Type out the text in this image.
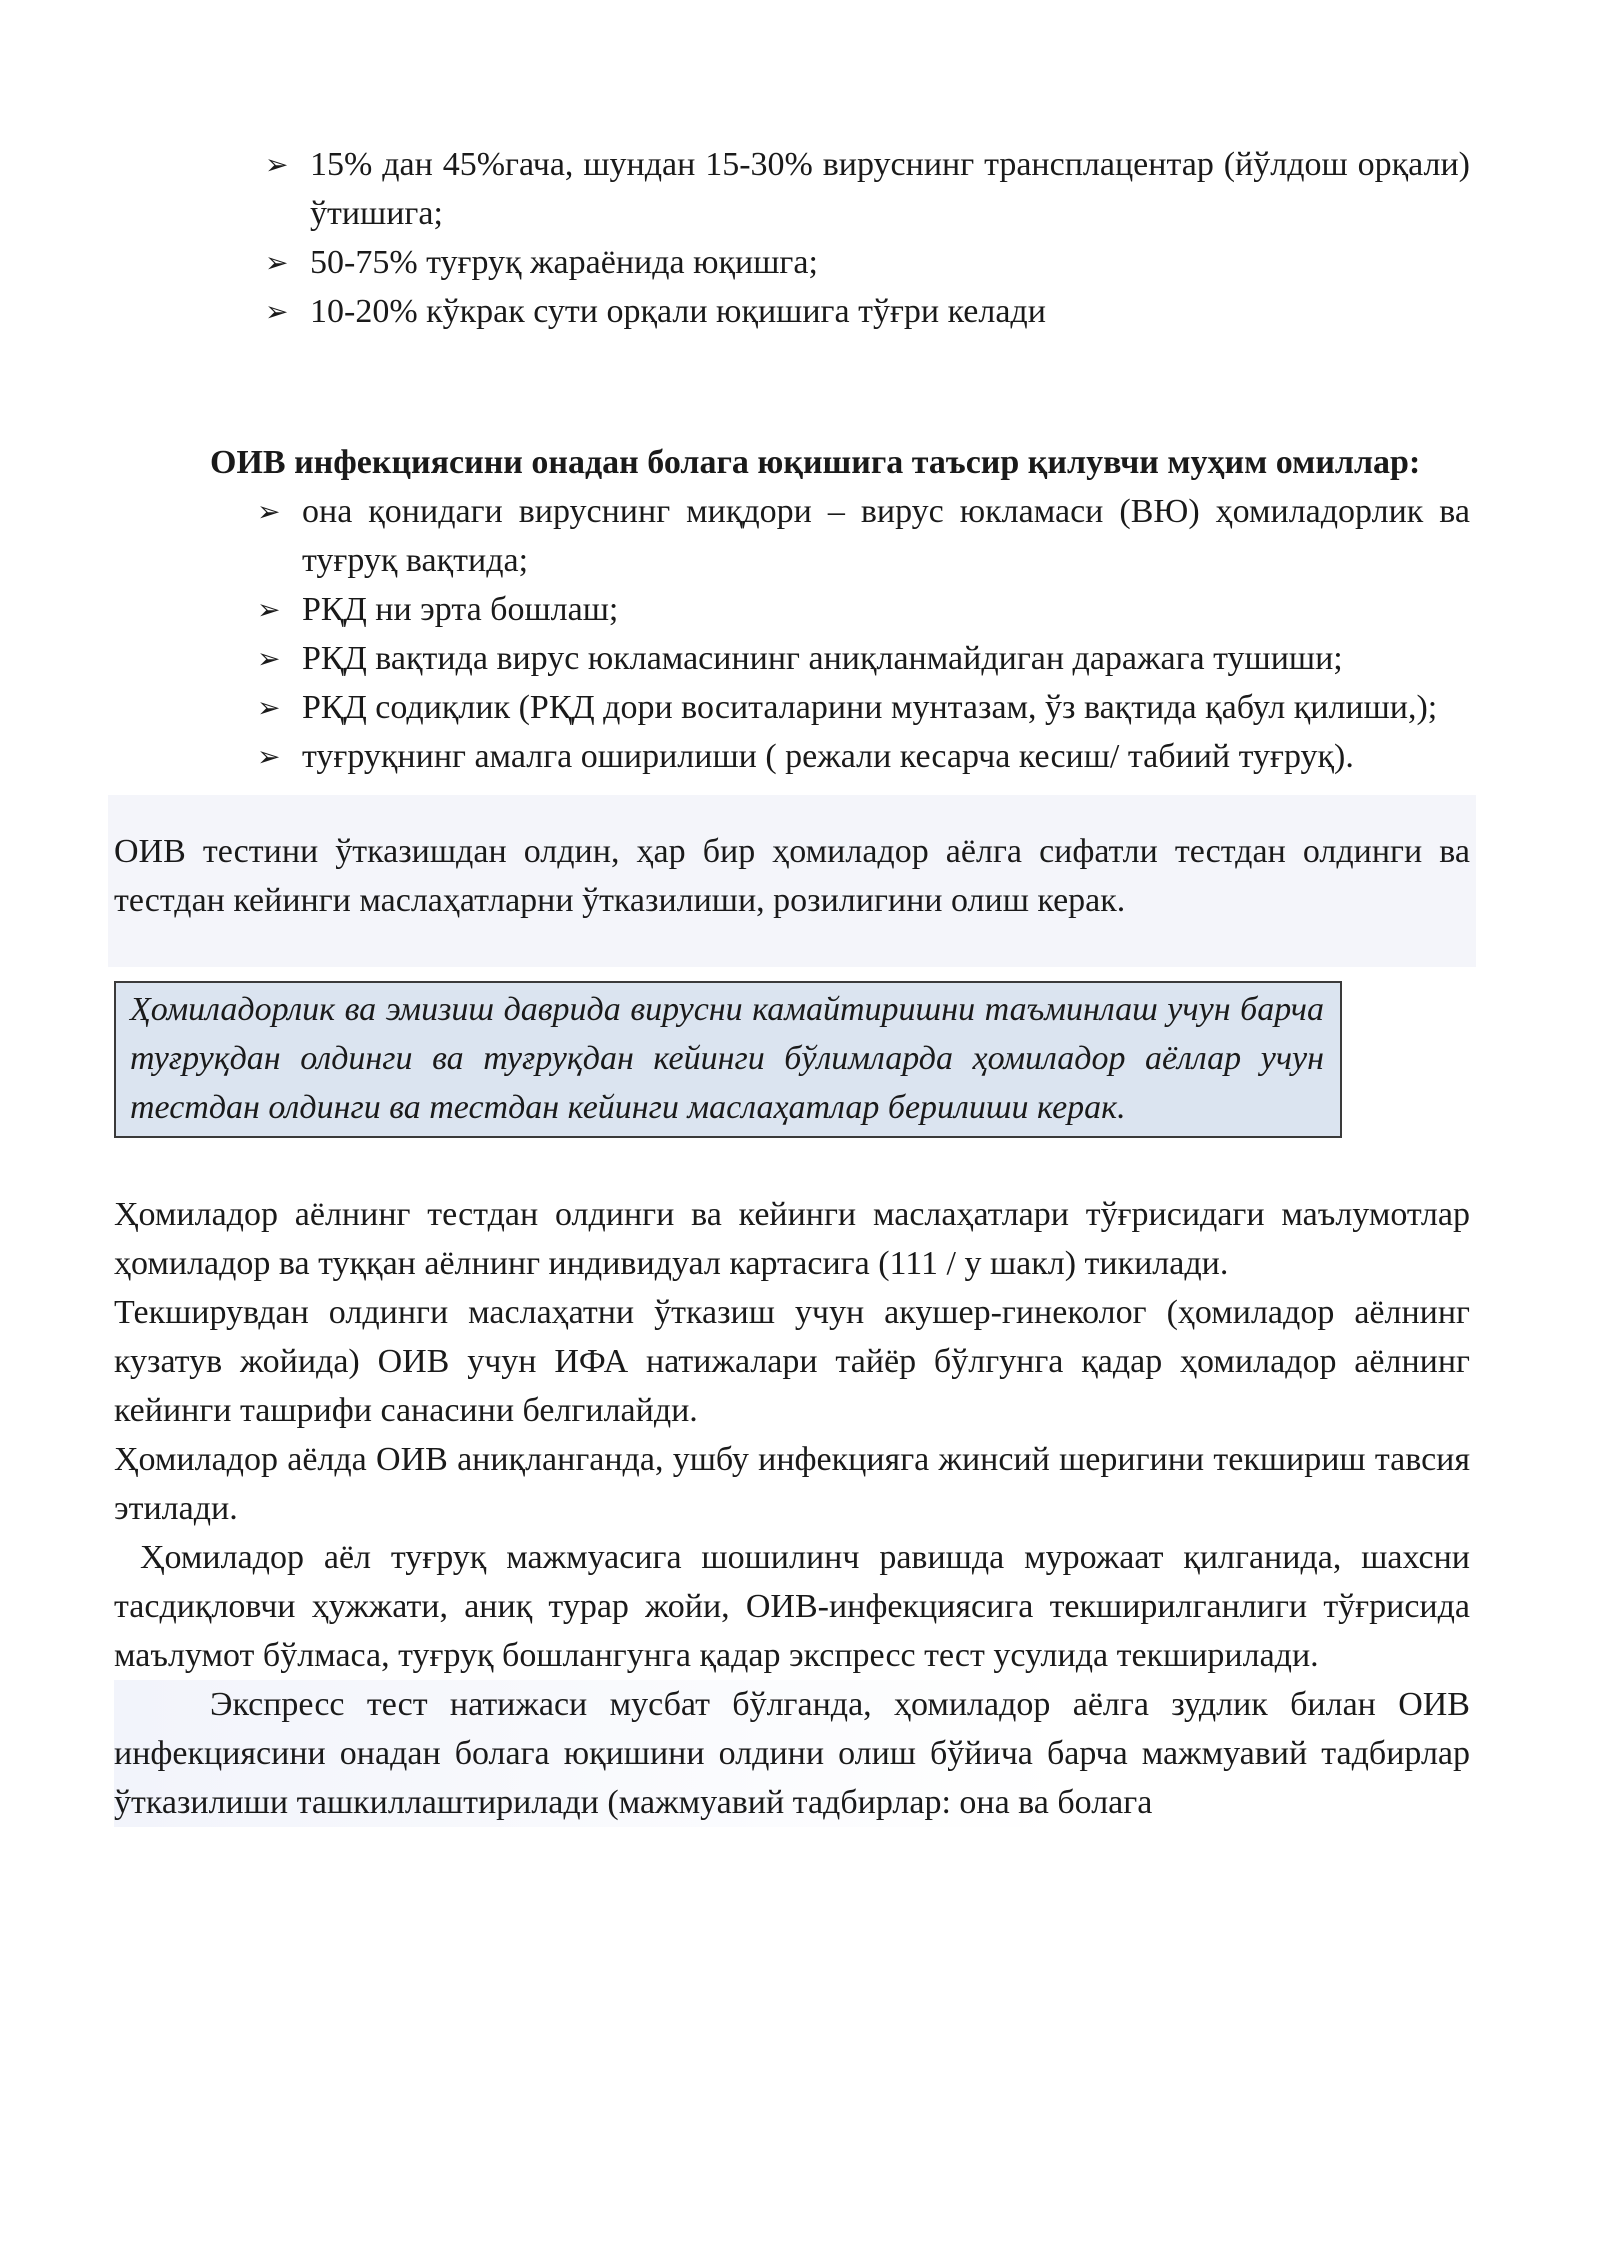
➢ 15% дан 45%гача, шундан 15-30% вируснинг трансплацентар (йўлдош орқали) ўтишига;
➢ 50-75% туғруқ жараёнида юқишга;
➢ 10-20% кўкрак сути орқали юқишига тўғри келади

ОИВ инфекциясини онадан болага юқишига таъсир қилувчи муҳим омиллар:

➢ она қонидаги вируснинг миқдори – вирус юкламаси (ВЮ) ҳомиладорлик ва туғруқ вақтида;
➢ РҚД ни эрта бошлаш;
➢ РҚД вақтида вирус юкламасининг аниқланмайдиган даражага тушиши;
➢ РҚД содиқлик (РҚД дори воситаларини мунтазам, ўз вақтида қабул қилиши,);
➢ туғруқнинг амалга оширилиши ( режали кесарча кесиш/ табиий туғруқ).

ОИВ тестини ўтказишдан олдин, ҳар бир ҳомиладор аёлга сифатли тестдан олдинги ва тестдан кейинги маслаҳатларни ўтказилиши, розилигини олиш керак.

Ҳомиладорлик ва эмизиш даврида вирусни камайтиришни таъминлаш учун барча туғруқдан олдинги ва туғруқдан кейинги бўлимларда ҳомиладор аёллар учун тестдан олдинги ва тестдан кейинги маслаҳатлар берилиши керак.

Ҳомиладор аёлнинг тестдан олдинги ва кейинги маслаҳатлари тўғрисидаги маълумотлар ҳомиладор ва туққан аёлнинг индивидуал картасига (111 / у шакл) тикилади.

Текширувдан олдинги маслаҳатни ўтказиш учун акушер-гинеколог (ҳомиладор аёлнинг кузатув жойида) ОИВ учун ИФА натижалари тайёр бўлгунга қадар ҳомиладор аёлнинг кейинги ташрифи санасини белгилайди.

Ҳомиладор аёлда ОИВ аниқланганда, ушбу инфекцияга жинсий шеригини текшириш тавсия этилади.

Ҳомиладор аёл туғруқ мажмуасига шошилинч равишда мурожаат қилганида, шахсни тасдиқловчи ҳужжати, аниқ турар жойи, ОИВ-инфекциясига текширилганлиги тўғрисида маълумот бўлмаса, туғруқ бошлангунга қадар экспресс тест усулида текширилади.

Экспресс тест натижаси мусбат бўлганда, ҳомиладор аёлга зудлик билан ОИВ инфекциясини онадан болага юқишини олдини олиш бўйича барча мажмуавий тадбирлар ўтказилиши ташкиллаштирилади (мажмуавий тадбирлар: она ва болага
